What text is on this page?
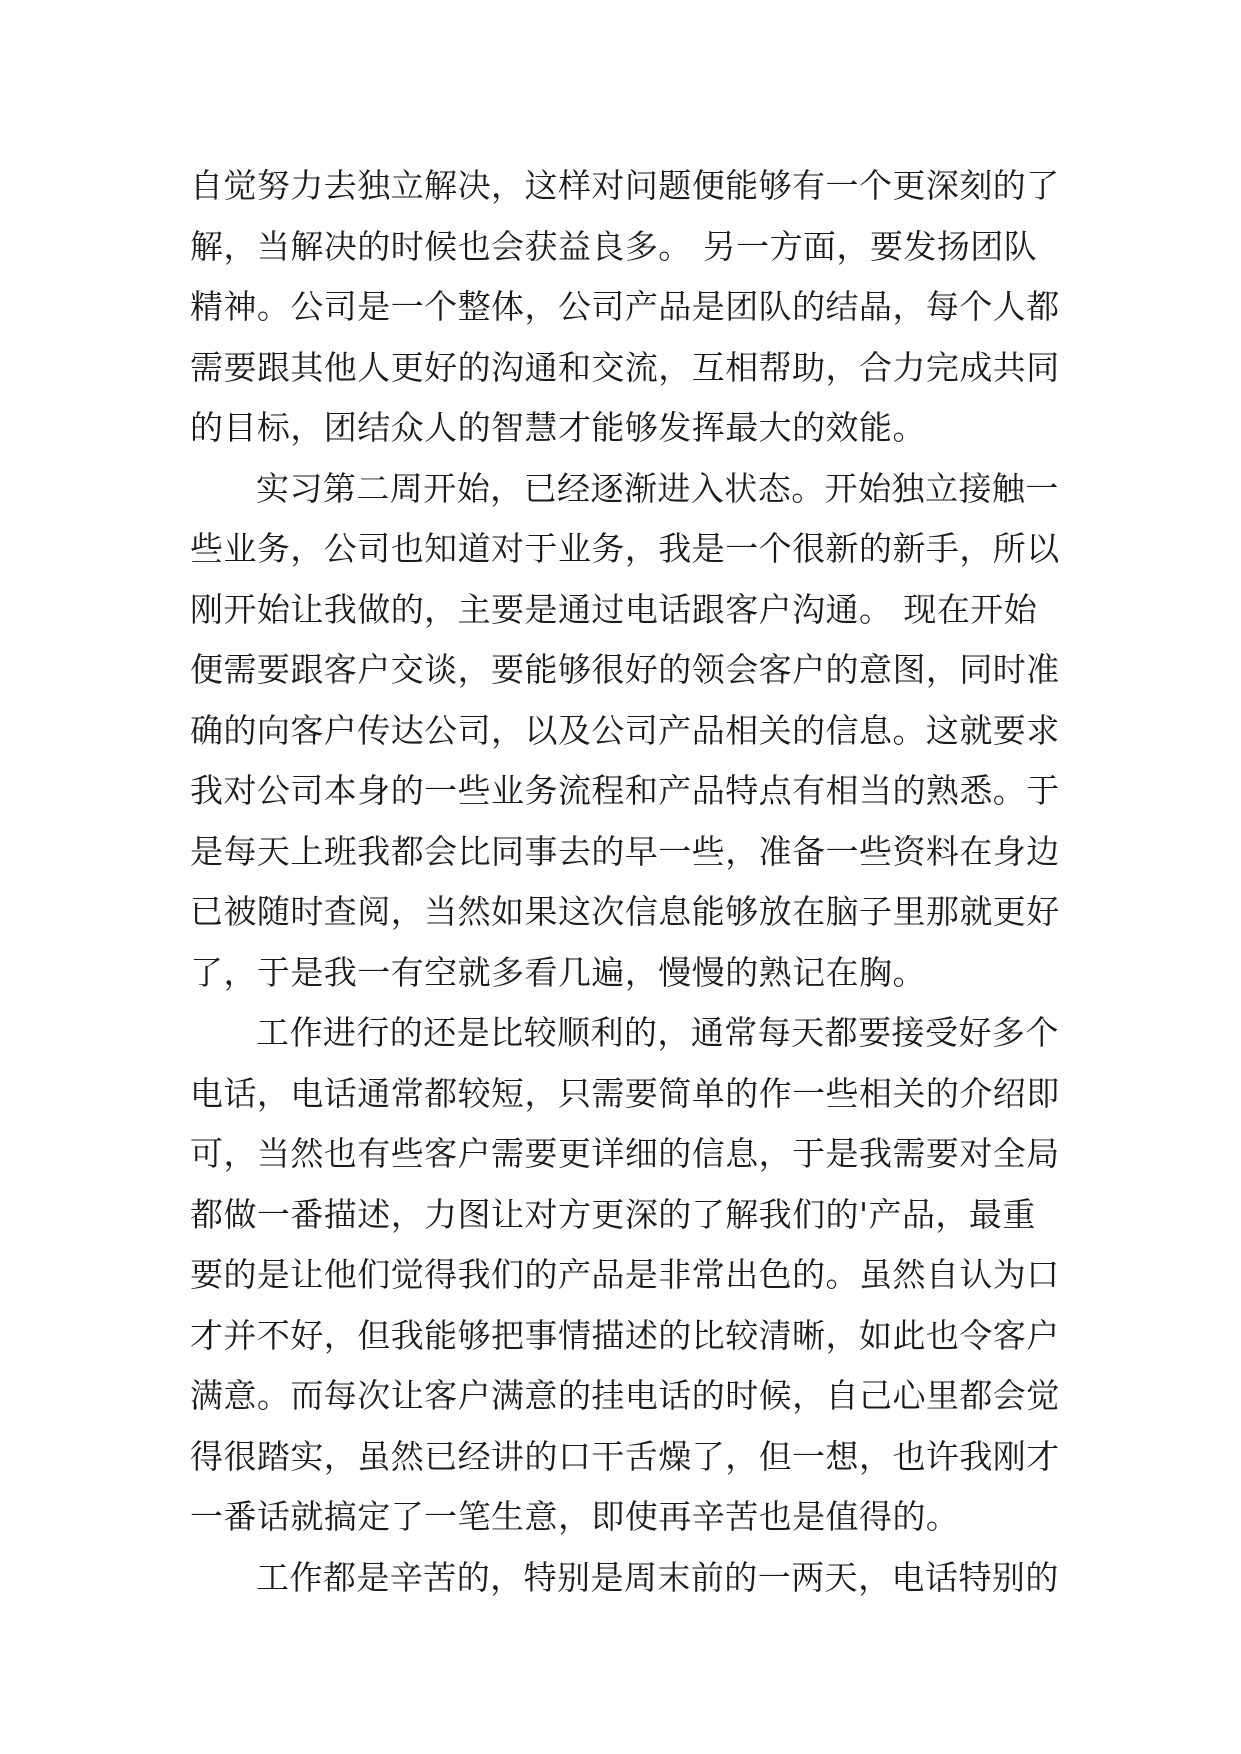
自觉努力去独立解决，这样对问题便能够有一个更深刻的了
解，当解决的时候也会获益良多。 另一方面，要发扬团队
精神。公司是一个整体，公司产品是团队的结晶，每个人都
需要跟其他人更好的沟通和交流，互相帮助，合力完成共同
的目标，团结众人的智慧才能够发挥最大的效能。
实习第二周开始，已经逐渐进入状态。开始独立接触一
些业务，公司也知道对于业务，我是一个很新的新手，所以
刚开始让我做的，主要是通过电话跟客户沟通。 现在开始
便需要跟客户交谈，要能够很好的领会客户的意图，同时准
确的向客户传达公司，以及公司产品相关的信息。这就要求
我对公司本身的一些业务流程和产品特点有相当的熟悉。于
是每天上班我都会比同事去的早一些，准备一些资料在身边
已被随时查阅，当然如果这次信息能够放在脑子里那就更好
了，于是我一有空就多看几遍，慢慢的熟记在胸。
工作进行的还是比较顺利的，通常每天都要接受好多个
电话，电话通常都较短，只需要简单的作一些相关的介绍即
可，当然也有些客户需要更详细的信息，于是我需要对全局
都做一番描述，力图让对方更深的了解我们的'产品，最重
要的是让他们觉得我们的产品是非常出色的。虽然自认为口
才并不好，但我能够把事情描述的比较清晰，如此也令客户
满意。而每次让客户满意的挂电话的时候，自己心里都会觉
得很踏实，虽然已经讲的口干舌燥了，但一想，也许我刚才
一番话就搞定了一笔生意，即使再辛苦也是值得的。
工作都是辛苦的，特别是周末前的一两天，电话特别的
